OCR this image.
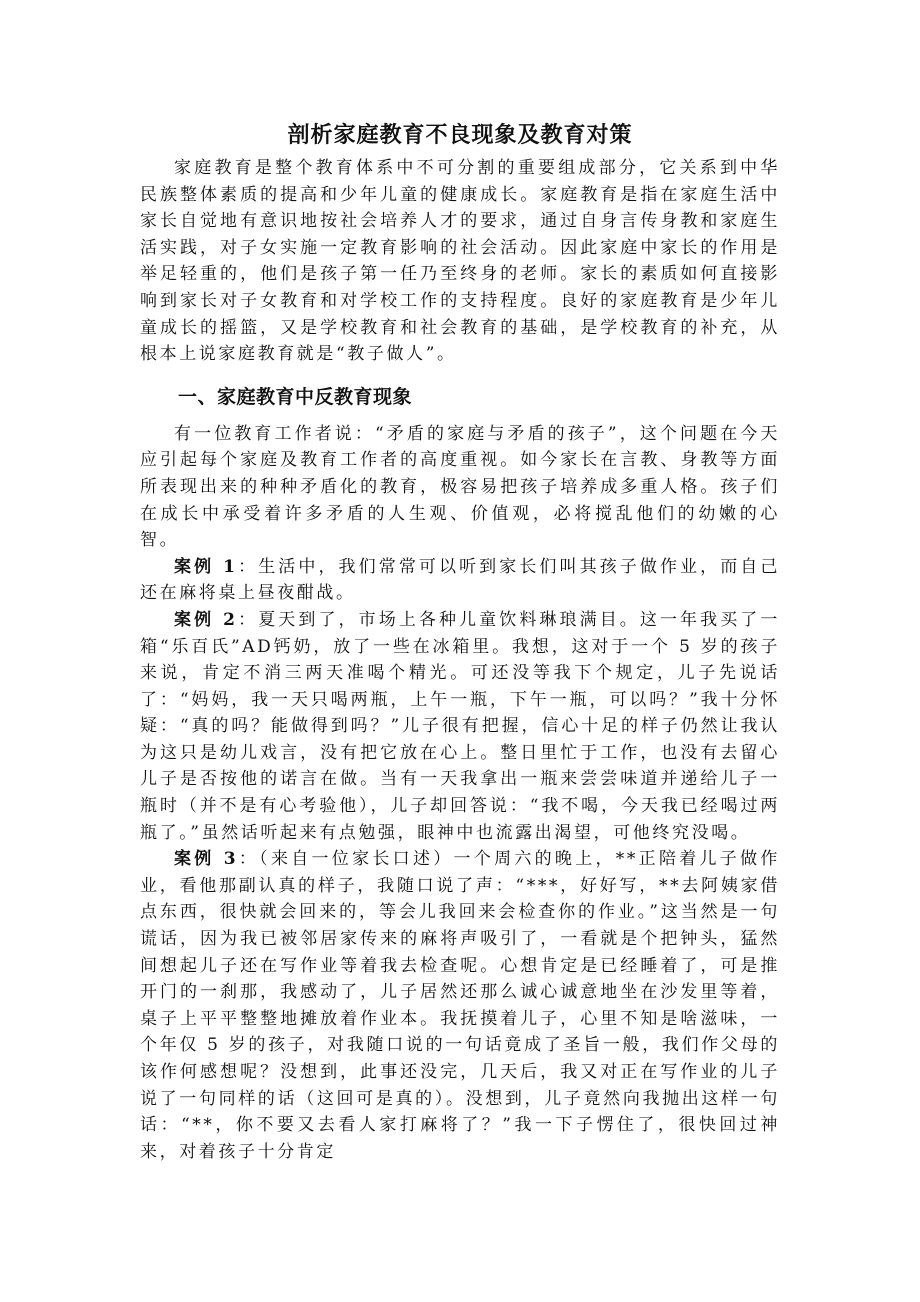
剖析家庭教育不良现象及教育对策

家庭教育是整个教育体系中不可分割的重要组成部分，它关系到中华民族整体素质的提高和少年儿童的健康成长。家庭教育是指在家庭生活中家长自觉地有意识地按社会培养人才的要求，通过自身言传身教和家庭生活实践，对子女实施一定教育影响的社会活动。因此家庭中家长的作用是举足轻重的，他们是孩子第一任乃至终身的老师。家长的素质如何直接影响到家长对子女教育和对学校工作的支持程度。良好的家庭教育是少年儿童成长的摇篮，又是学校教育和社会教育的基础，是学校教育的补充，从根本上说家庭教育就是“教子做人”。

一、家庭教育中反教育现象

有一位教育工作者说：“矛盾的家庭与矛盾的孩子”，这个问题在今天应引起每个家庭及教育工作者的高度重视。如今家长在言教、身教等方面所表现出来的种种矛盾化的教育，极容易把孩子培养成多重人格。孩子们在成长中承受着许多矛盾的人生观、价值观，必将搅乱他们的幼嫩的心智。

案例 1：生活中，我们常常可以听到家长们叫其孩子做作业，而自己还在麻将桌上昼夜酣战。

案例 2：夏天到了，市场上各种儿童饮料琳琅满目。这一年我买了一箱“乐百氏”AD钙奶，放了一些在冰箱里。我想，这对于一个 5 岁的孩子来说，肯定不消三两天准喝个精光。可还没等我下个规定，儿子先说话了：“妈妈，我一天只喝两瓶，上午一瓶，下午一瓶，可以吗？”我十分怀疑：“真的吗？能做得到吗？”儿子很有把握，信心十足的样子仍然让我认为这只是幼儿戏言，没有把它放在心上。整日里忙于工作，也没有去留心儿子是否按他的诺言在做。当有一天我拿出一瓶来尝尝味道并递给儿子一瓶时（并不是有心考验他），儿子却回答说：“我不喝，今天我已经喝过两瓶了。”虽然话听起来有点勉强，眼神中也流露出渴望，可他终究没喝。

案例 3：（来自一位家长口述）一个周六的晚上，**正陪着儿子做作业，看他那副认真的样子，我随口说了声：“***，好好写，**去阿姨家借点东西，很快就会回来的，等会儿我回来会检查你的作业。”这当然是一句谎话，因为我已被邻居家传来的麻将声吸引了，一看就是个把钟头，猛然间想起儿子还在写作业等着我去检查呢。心想肯定是已经睡着了，可是推开门的一刹那，我感动了，儿子居然还那么诚心诚意地坐在沙发里等着，桌子上平平整整地摊放着作业本。我抚摸着儿子，心里不知是啥滋味，一个年仅 5 岁的孩子，对我随口说的一句话竟成了圣旨一般，我们作父母的该作何感想呢？没想到，此事还没完，几天后，我又对正在写作业的儿子说了一句同样的话（这回可是真的）。没想到，儿子竟然向我抛出这样一句话：“**，你不要又去看人家打麻将了？”我一下子愣住了，很快回过神来，对着孩子十分肯定
